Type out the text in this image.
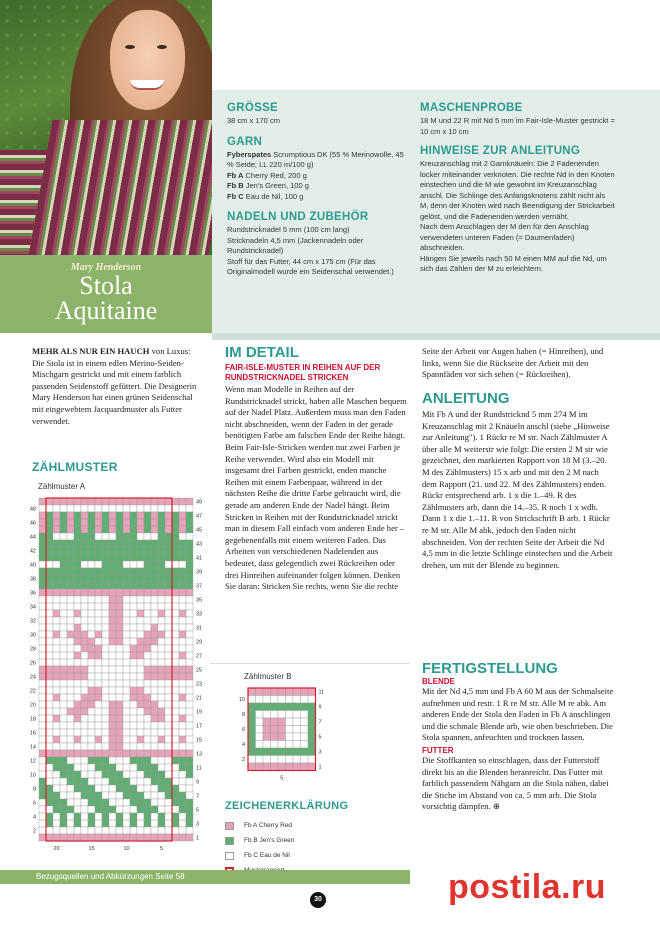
Mary Henderson
Stola
Aquitaine
GRÖSSE
38 cm x 170 cm
GARN
Fyberspates Scrumptious DK (55 % Merinowolle, 45 % Seide; LL 220 m/100 g)
Fb A Cherry Red, 200 g
Fb B Jen's Green, 100 g
Fb C Eau de Nil, 100 g
NADELN UND ZUBEHÖR
Rundstricknadel 5 mm (100 cm lang)
Stricknadeln 4,5 mm (Jackennadeln oder Rundstricknadel)
Stoff für das Futter, 44 cm x 175 cm (Für das Originalmodell wurde ein Seidenschal verwendet.)
MASCHENPROBE
18 M und 22 R mit Nd 5 mm im Fair-Isle-Muster gestrickt = 10 cm x 10 cm
HINWEISE ZUR ANLEITUNG
Kreuzanschlag mit 2 Garnknäueln: Die 2 Fadenenden locker miteinander verknoten. Die rechte Nd in den Knoten einstechen und die M wie gewohnt im Kreuzanschlag anschl. Die Schlinge des Anfangsknotens zählt nicht als M, denn der Knoten wird nach Beendigung der Strickarbeit gelöst, und die Fadenenden werden vernäht.
Nach dem Anschlagen der M den für den Anschlag verwendeten unteren Faden (= Daumenfaden) abschneiden.
Hängen Sie jeweils nach 50 M einen MM auf die Nd, um sich das Zählen der M zu erleichtern.
MEHR ALS NUR EIN HAUCH von Luxus: Die Stola ist in einem edlen Merino-Seiden-Mischgarn gestrickt und mit einem farblich passenden Seidenstoff gefüttert. Die Designerin Mary Henderson hat einen grünen Seidenschal mit eingewebtem Jacquardmuster als Futter verwendet.
ZÄHLMUSTER
Zählmuster A
48
46
44
42
40
38
36
34
32
30
28
26
24
22
20
18
16
14
12
10
8
6
4
2
49
47
45
43
41
39
37
35
33
31
29
27
25
23
21
19
17
15
13
11
9
7
5
3
1
20	15	10	5
IM DETAIL
FAIR-ISLE-MUSTER IN REIHEN AUF DER RUNDSTRICKNADEL STRICKEN
Wenn man Modelle in Reihen auf der Rundstricknadel strickt, haben alle Maschen bequem auf der Nadel Platz. Außerdem muss man den Faden nicht abschneiden, wenn der Faden in der gerade benötigten Farbe am falschen Ende der Reihe hängt. Beim Fair-Isle-Stricken werden nur zwei Farben je Reihe verwendet. Wird also ein Modell mit insgesamt drei Farben gestrickt, enden manche Reihen mit einem Farbenpaar, während in der nächsten Reihe die dritte Farbe gebraucht wird, die gerade am anderen Ende der Nadel hängt. Beim Stricken in Reihen mit der Rundstricknadel strickt man in diesem Fall einfach vom anderen Ende her – gegebenenfalls mit einem weiteren Faden. Das Arbeiten von verschiedenen Nadelenden aus bedeutet, dass gelegentlich zwei Rückreihen oder drei Hinreihen aufeinander folgen können. Denken Sie daran: Stricken Sie rechts, wenn Sie die rechte
Zählmuster B
10
8
6
4
2
11
9
7
5
3
1
5
ZEICHENERKLÄRUNG
Fb A Cherry Red
Fb B Jen's Green
Fb C Eau de Nil
Seite der Arbeit vor Augen haben (= Hinreihen), und links, wenn Sie die Rückseite der Arbeit mit den Spannfäden vor sich sehen (= Rückreihen).
ANLEITUNG
Mit Fb A und der Rundstricknd 5 mm 274 M im Kreuzanschlag mit 2 Knäueln anschl (siehe „Hinweise zur Anleitung"). 1 Rückr re M str. Nach Zählmuster A über alle M weiterstr wie folgt: Die ersten 2 M str wie gezeichnet, den markierten Rapport von 18 M (3.–20. M des Zählmusters) 15 x arb und mit den 2 M nach dem Rapport (21. und 22. M des Zählmusters) enden. Rückr entsprechend arb. 1 x die 1.–49. R des Zählmusters arb, dann die 14.–35. R noch 1 x wdh. Dann 1 x die 1.–11. R von Strickschrift B arb. 1 Rückr re M str. Alle M abk, jedoch den Faden nicht abschneiden. Von der rechten Seite der Arbeit die Nd 4,5 mm in die letzte Schlinge einstechen und die Arbeit drehen, um mit der Blende zu beginnen.
FERTIGSTELLUNG
BLENDE
Mit der Nd 4,5 mm und Fb A 60 M aus der Schmalseite aufnehmen und restr. 1 R re M str. Alle M re abk. Am anderen Ende der Stola den Faden in Fb A anschlingen und die schmale Blende arb, wie oben beschrieben. Die Stola spannen, anfeuchten und trocknen lassen.
FUTTER
Die Stoffkanten so einschlagen, dass der Futterstoff direkt bis an die Blenden heranreicht. Das Futter mit farblich passendem Nähgarn an die Stola nähen, dabei die Stiche im Abstand von ca. 5 mm arb. Die Stola vorsichtig dämpfen. ⊕
Bezugsquellen und Abkürzungen Seite 58
30	postila.ru
